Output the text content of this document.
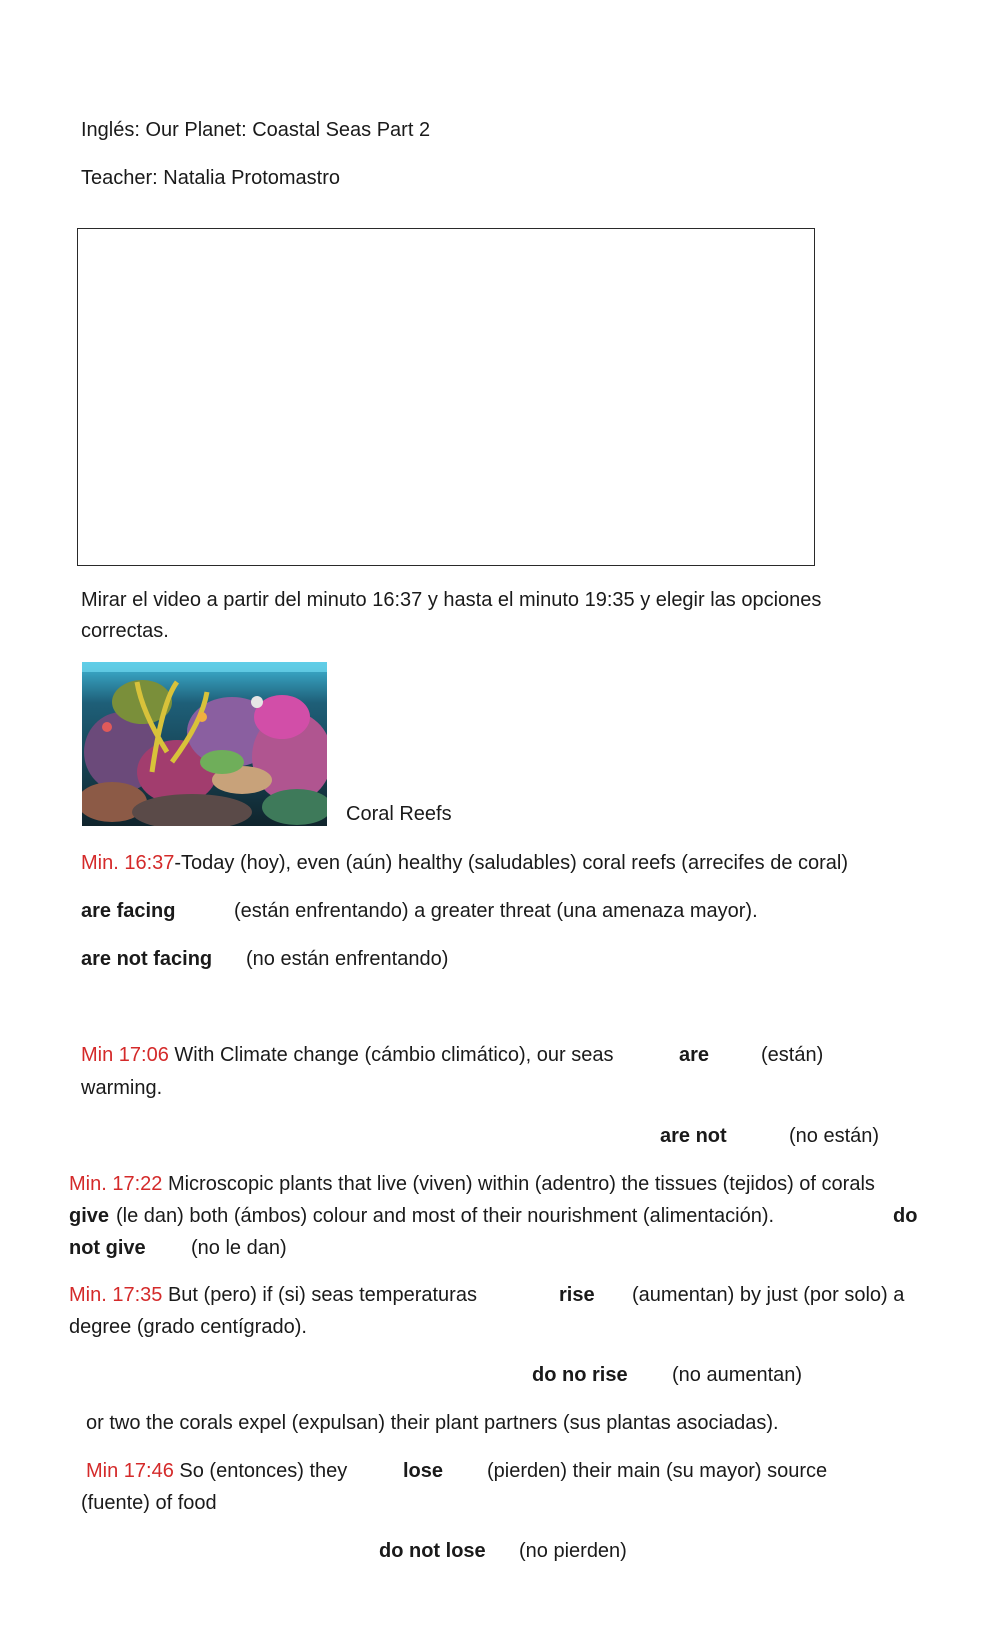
Inglés: Our Planet: Coastal Seas Part 2
Teacher: Natalia Protomastro
Mirar el video a partir del minuto 16:37 y hasta el minuto 19:35 y elegir las opciones
correctas.
Coral Reefs
Min. 16:37-Today (hoy), even (aún) healthy (saludables) coral reefs (arrecifes de coral)
are facing	(están enfrentando) a greater threat (una amenaza mayor).
are not facing (no están enfrentando)
Min 17:06 With Climate change (cámbio climático), our seas	are	(están)
warming.
are not	(no están)
Min. 17:22 Microscopic plants that live (viven) within (adentro) the tissues (tejidos) of corals
give (le dan) both (ámbos) colour and most of their nourishment (alimentación).	do
not give (no le dan)
Min. 17:35 But (pero) if (si) seas temperaturas	rise (aumentan) by just (por solo) a
degree (grado centígrado).
do no rise (no aumentan)
or two the corals expel (expulsan) their plant partners (sus plantas asociadas).
Min 17:46 So (entonces) they	lose (pierden) their main (su mayor) source
(fuente) of food
do not lose (no pierden)
